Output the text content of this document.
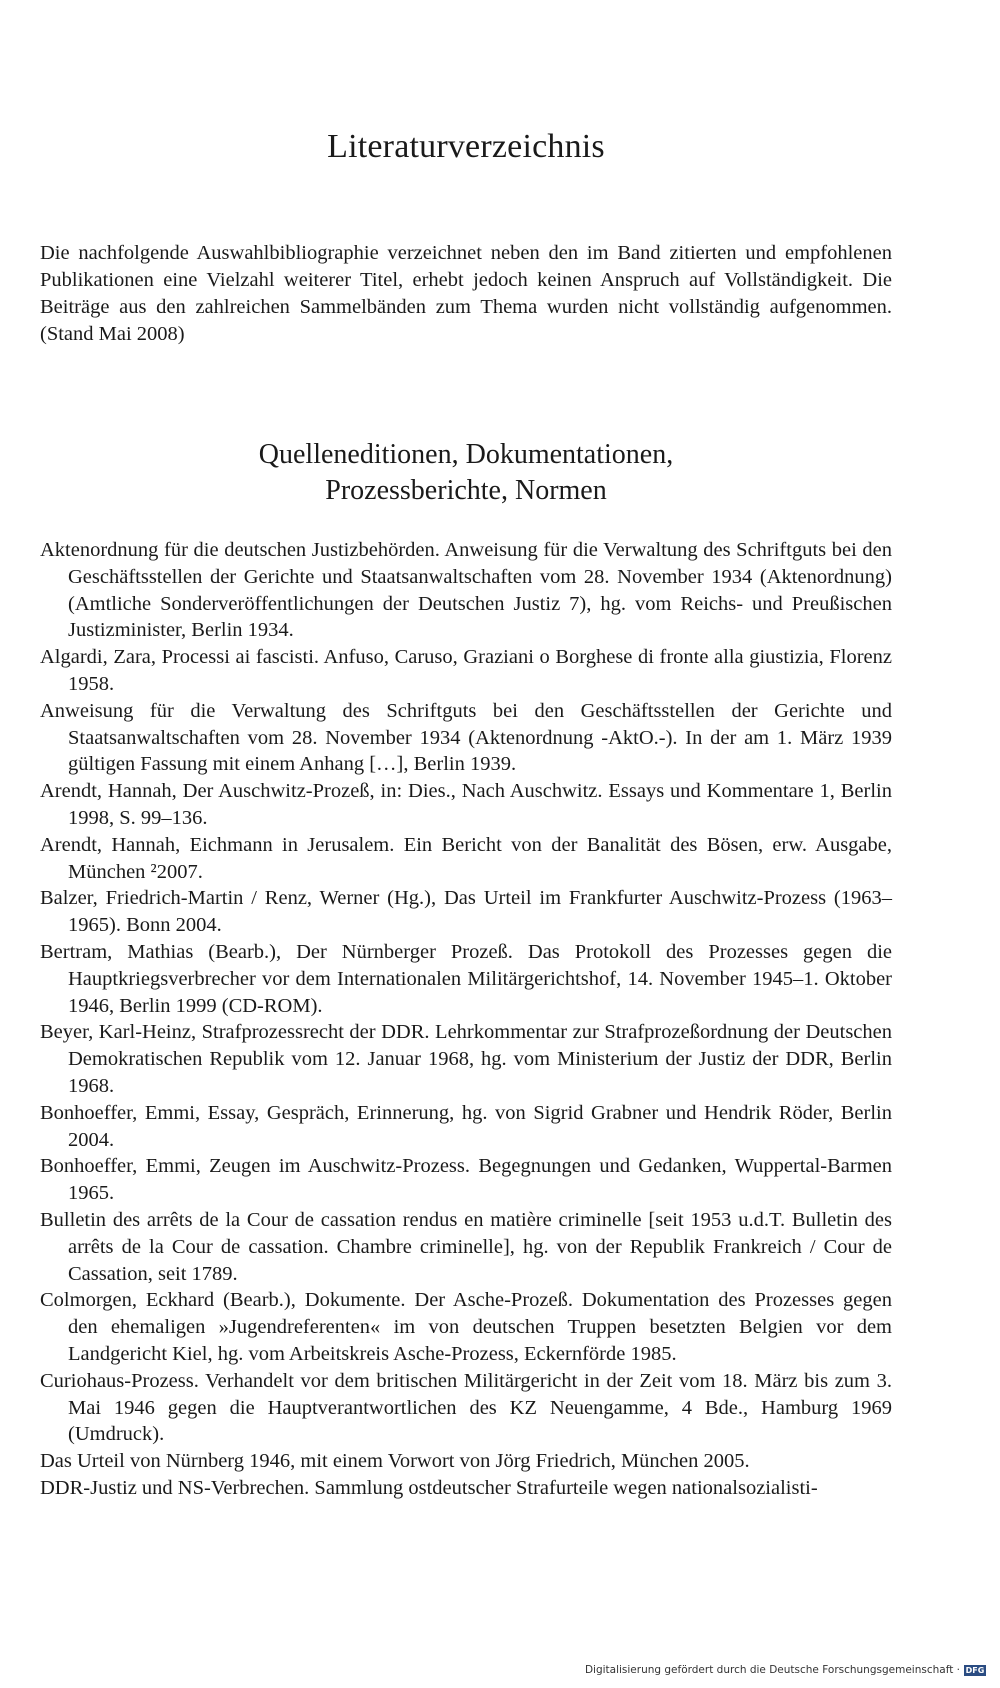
Literaturverzeichnis

Die nachfolgende Auswahlbibliographie verzeichnet neben den im Band zitierten und empfohlenen Publikationen eine Vielzahl weiterer Titel, erhebt jedoch keinen Anspruch auf Vollständigkeit. Die Beiträge aus den zahlreichen Sammelbänden zum Thema wurden nicht vollständig aufgenommen. (Stand Mai 2008)

Quelleneditionen, Dokumentationen,
Prozessberichte, Normen
Aktenordnung für die deutschen Justizbehörden. Anweisung für die Verwaltung des Schriftguts bei den Geschäftsstellen der Gerichte und Staatsanwaltschaften vom 28. November 1934 (Aktenordnung) (Amtliche Sonderveröffentlichungen der Deutschen Justiz 7), hg. vom Reichs- und Preußischen Justizminister, Berlin 1934.
Algardi, Zara, Processi ai fascisti. Anfuso, Caruso, Graziani o Borghese di fronte alla giustizia, Florenz 1958.
Anweisung für die Verwaltung des Schriftguts bei den Geschäftsstellen der Gerichte und Staatsanwaltschaften vom 28. November 1934 (Aktenordnung -AktO.-). In der am 1. März 1939 gültigen Fassung mit einem Anhang […], Berlin 1939.
Arendt, Hannah, Der Auschwitz-Prozeß, in: Dies., Nach Auschwitz. Essays und Kommentare 1, Berlin 1998, S. 99–136.
Arendt, Hannah, Eichmann in Jerusalem. Ein Bericht von der Banalität des Bösen, erw. Ausgabe, München ²2007.
Balzer, Friedrich-Martin / Renz, Werner (Hg.), Das Urteil im Frankfurter Auschwitz-Prozess (1963–1965). Bonn 2004.
Bertram, Mathias (Bearb.), Der Nürnberger Prozeß. Das Protokoll des Prozesses gegen die Hauptkriegsverbrecher vor dem Internationalen Militärgerichtshof, 14. November 1945–1. Oktober 1946, Berlin 1999 (CD-ROM).
Beyer, Karl-Heinz, Strafprozessrecht der DDR. Lehrkommentar zur Strafprozeßordnung der Deutschen Demokratischen Republik vom 12. Januar 1968, hg. vom Ministerium der Justiz der DDR, Berlin 1968.
Bonhoeffer, Emmi, Essay, Gespräch, Erinnerung, hg. von Sigrid Grabner und Hendrik Röder, Berlin 2004.
Bonhoeffer, Emmi, Zeugen im Auschwitz-Prozess. Begegnungen und Gedanken, Wuppertal-Barmen 1965.
Bulletin des arrêts de la Cour de cassation rendus en matière criminelle [seit 1953 u.d.T. Bulletin des arrêts de la Cour de cassation. Chambre criminelle], hg. von der Republik Frankreich / Cour de Cassation, seit 1789.
Colmorgen, Eckhard (Bearb.), Dokumente. Der Asche-Prozeß. Dokumentation des Prozesses gegen den ehemaligen »Jugendreferenten« im von deutschen Truppen besetzten Belgien vor dem Landgericht Kiel, hg. vom Arbeitskreis Asche-Prozess, Eckernförde 1985.
Curiohaus-Prozess. Verhandelt vor dem britischen Militärgericht in der Zeit vom 18. März bis zum 3. Mai 1946 gegen die Hauptverantwortlichen des KZ Neuengamme, 4 Bde., Hamburg 1969 (Umdruck).
Das Urteil von Nürnberg 1946, mit einem Vorwort von Jörg Friedrich, München 2005.
DDR-Justiz und NS-Verbrechen. Sammlung ostdeutscher Strafurteile wegen nationalsozialisti-
Digitalisierung gefördert durch die Deutsche Forschungsgemeinschaft · DFG
